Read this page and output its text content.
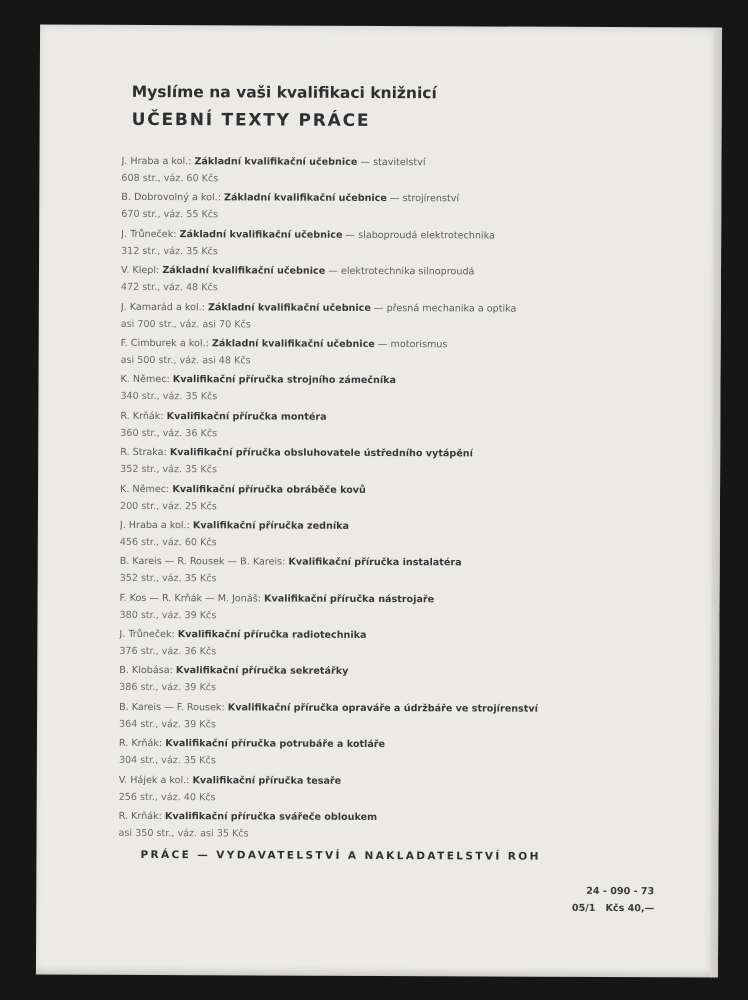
Myslíme na vaši kvalifikaci knižnicí
UČEBNÍ TEXTY PRÁCE
J. Hraba a kol.: Základní kvalifikační učebnice — stavitelství
608 str., váz. 60 Kčs
B. Dobrovolný a kol.: Základní kvalifikační učebnice — strojírenství
670 str., váz. 55 Kčs
J. Trůneček: Základní kvalifikační učebnice — slaboproudá elektrotechnika
312 str., váz. 35 Kčs
V. Klepl: Základní kvalifikační učebnice — elektrotechnika silnoproudá
472 str., váz. 48 Kčs
J. Kamarád a kol.: Základní kvalifikační učebnice — přesná mechanika a optika
asi 700 str., váz. asi 70 Kčs
F. Cimburek a kol.: Základní kvalifikační učebnice — motorismus
asi 500 str., váz. asi 48 Kčs
K. Němec: Kvalifikační příručka strojního zámečníka
340 str., váz. 35 Kčs
R. Krňák: Kvalifikační příručka montéra
360 str., váz. 36 Kčs
R. Straka: Kvalifikační příručka obsluhovatele ústředního vytápění
352 str., váz. 35 Kčs
K. Němec: Kvalifikační příručka obráběče kovů
200 str., váz. 25 Kčs
J. Hraba a kol.: Kvalifikační příručka zedníka
456 str., váz. 60 Kčs
B. Kareis — R. Rousek — B. Kareis: Kvalifikační příručka instalatéra
352 str., váz. 35 Kčs
F. Kos — R. Krňák — M. Jonáš: Kvalifikační příručka nástrojaře
380 str., váz. 39 Kčs
J. Trůneček: Kvalifikační příručka radiotechnika
376 str., váz. 36 Kčs
B. Klobása: Kvalifikační příručka sekretářky
386 str., váz. 39 Kčs
B. Kareis — F. Rousek: Kvalifikační příručka opraváře a údržbáře ve strojírenství
364 str., váz. 39 Kčs
R. Krňák: Kvalifikační příručka potrubáře a kotláře
304 str., váz. 35 Kčs
V. Hájek a kol.: Kvalifikační příručka tesaře
256 str., váz. 40 Kčs
R. Krňák: Kvalifikační příručka svářeče obloukem
asi 350 str., váz. asi 35 Kčs
PRÁCE — VYDAVATELSTVÍ A NAKLADATELSTVÍ ROH
24 - 090 - 73
05/1 Kčs 40,—
